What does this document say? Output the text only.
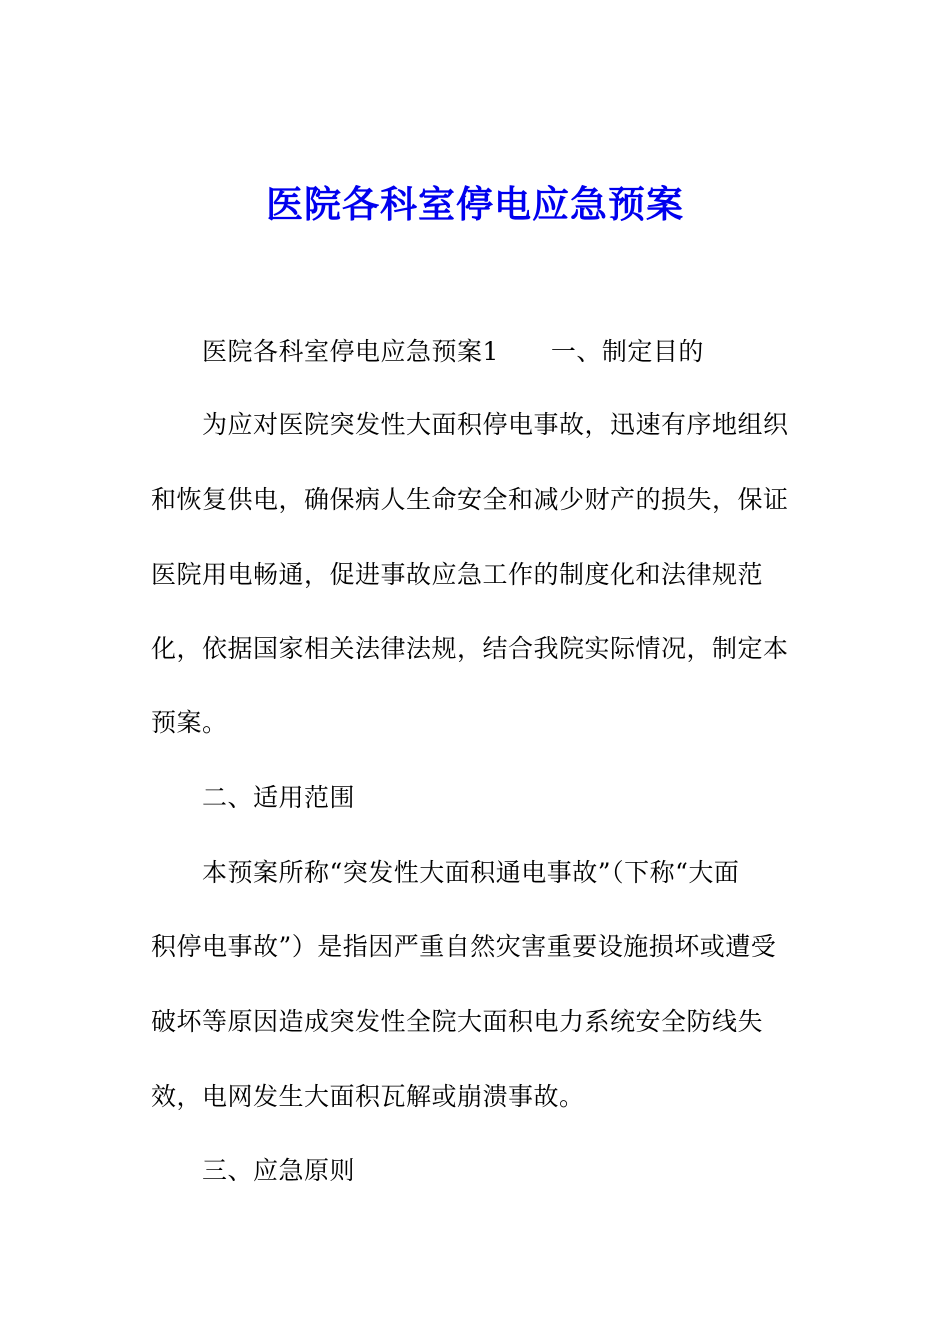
医院各科室停电应急预案
医院各科室停电应急预案1 一、制定目的
为应对医院突发性大面积停电事故，迅速有序地组织
和恢复供电，确保病人生命安全和减少财产的损失，保证
医院用电畅通，促进事故应急工作的制度化和法律规范
化，依据国家相关法律法规，结合我院实际情况，制定本
预案。
二、适用范围
本预案所称“突发性大面积通电事故”（下称“大面
积停电事故”）是指因严重自然灾害重要设施损坏或遭受
破坏等原因造成突发性全院大面积电力系统安全防线失
效，电网发生大面积瓦解或崩溃事故。
三、应急原则
